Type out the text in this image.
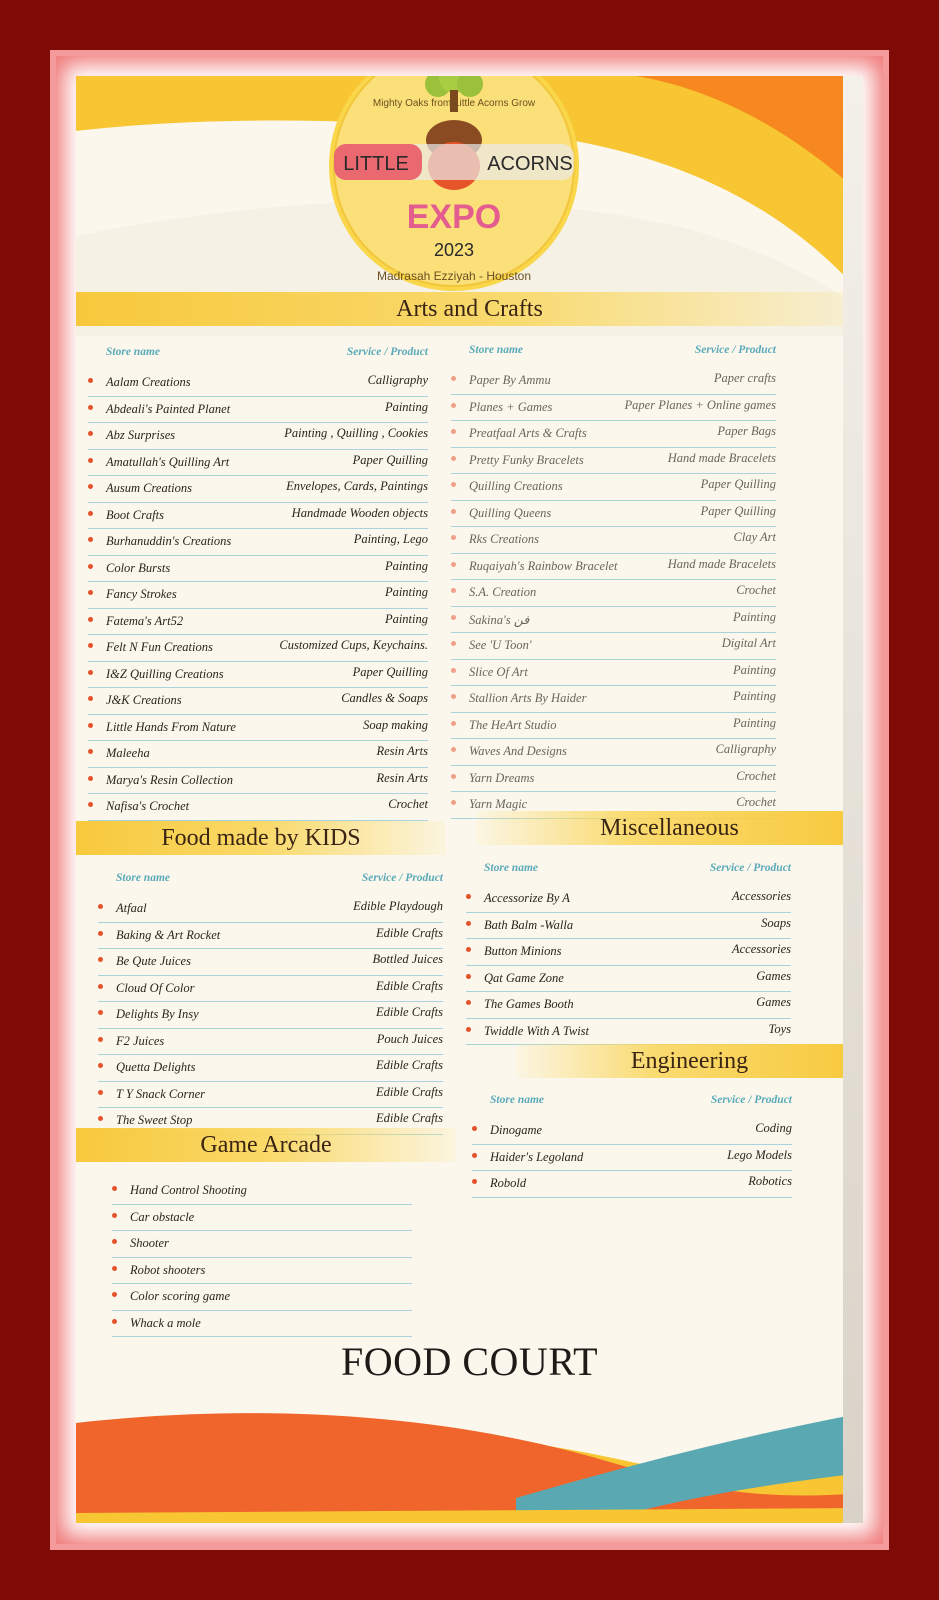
LITTLE	ACORNS
EXPO
2023
Madrasah Ezziyah - Houston
Mighty Oaks from Little Acorns Grow
Arts and Crafts
Store name	Service / Product
Aalam Creations	Calligraphy
Abdeali's Painted Planet	Painting
Abz Surprises	Painting , Quilling , Cookies
Amatullah's Quilling Art	Paper Quilling
Ausum Creations	Envelopes, Cards, Paintings
Boot Crafts	Handmade Wooden objects
Burhanuddin's Creations	Painting, Lego
Color Bursts	Painting
Fancy Strokes	Painting
Fatema's Art52	Painting
Felt N Fun Creations	Customized Cups, Keychains.
I&Z Quilling Creations	Paper Quilling
J&K Creations	Candles & Soaps
Little Hands From Nature	Soap making
Maleeha	Resin Arts
Marya's Resin Collection	Resin Arts
Nafisa's Crochet	Crochet
Store name	Service / Product
Paper By Ammu	Paper crafts
Planes + Games	Paper Planes + Online games
Preatfaal Arts & Crafts	Paper Bags
Pretty Funky Bracelets	Hand made Bracelets
Quilling Creations	Paper Quilling
Quilling Queens	Paper Quilling
Rks Creations	Clay Art
Ruqaiyah's Rainbow Bracelet	Hand made Bracelets
S.A. Creation	Crochet
Sakina's فن	Painting
See 'U Toon'	Digital Art
Slice Of Art	Painting
Stallion Arts By Haider	Painting
The HeArt Studio	Painting
Waves And Designs	Calligraphy
Yarn Dreams	Crochet
Yarn Magic	Crochet
Food made by KIDS
Store name	Service / Product
Atfaal	Edible Playdough
Baking & Art Rocket	Edible Crafts
Be Qute Juices	Bottled Juices
Cloud Of Color	Edible Crafts
Delights By Insy	Edible Crafts
F2 Juices	Pouch Juices
Quetta Delights	Edible Crafts
T Y Snack Corner	Edible Crafts
The Sweet Stop	Edible Crafts
Miscellaneous
Store name	Service / Product
Accessorize By A	Accessories
Bath Balm -Walla	Soaps
Button Minions	Accessories
Qat Game Zone	Games
The Games Booth	Games
Twiddle With A Twist	Toys
Engineering
Store name	Service / Product
Dinogame	Coding
Haider's Legoland	Lego Models
Robold	Robotics
Game Arcade
Hand Control Shooting
Car obstacle
Shooter
Robot shooters
Color scoring game
Whack a mole
FOOD COURT
